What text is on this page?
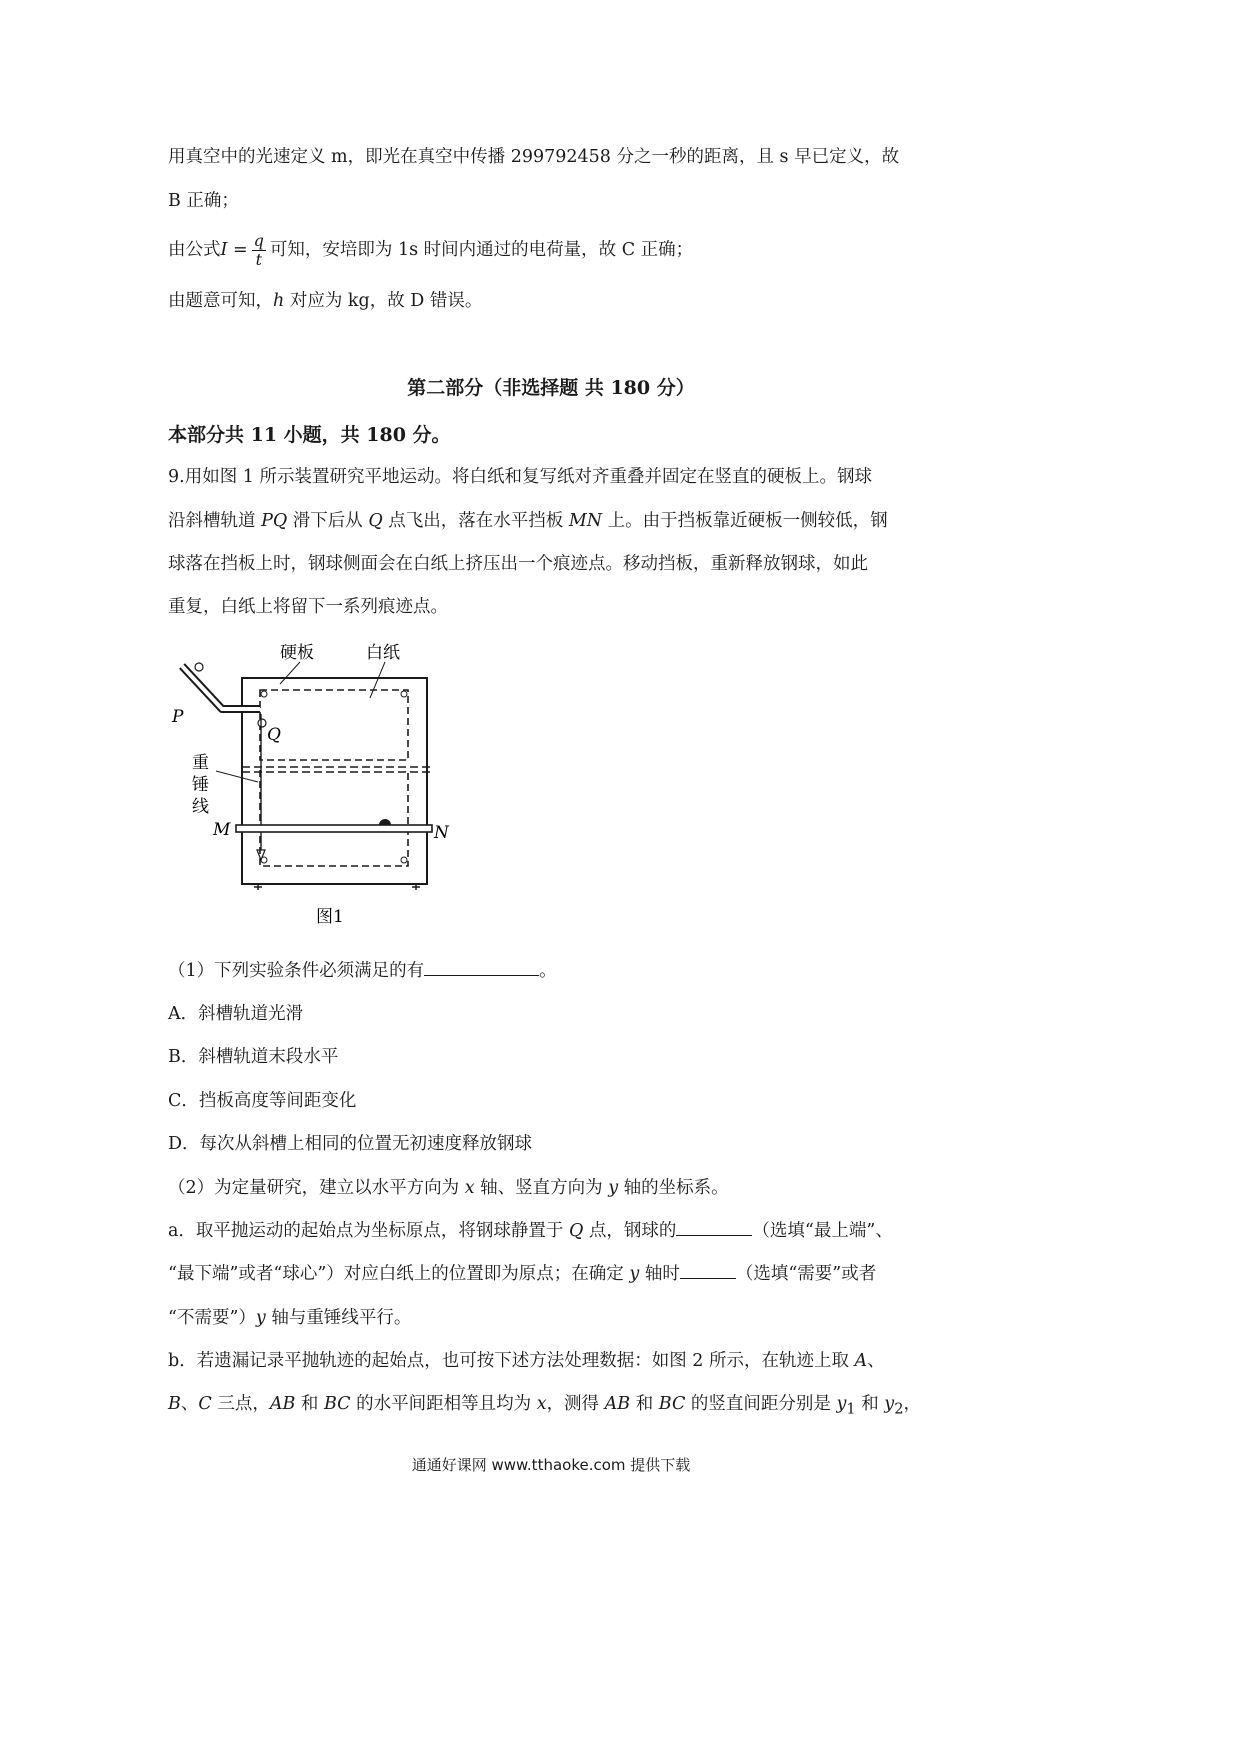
用真空中的光速定义 m，即光在真空中传播 299792458 分之一秒的距离，且 s 早已定义，故
B 正确；
由公式$I = \frac{q}{t}$ 可知，安培即为 1s 时间内通过的电荷量，故 C 正确；
由题意可知，h 对应为 kg，故 D 错误。
第二部分（非选择题 共 180 分）
本部分共 11 小题，共 180 分。
9.用如图 1 所示装置研究平地运动。将白纸和复写纸对齐重叠并固定在竖直的硬板上。钢球
沿斜槽轨道 PQ 滑下后从 Q 点飞出，落在水平挡板 MN 上。由于挡板靠近硬板一侧较低，钢
球落在挡板上时，钢球侧面会在白纸上挤压出一个痕迹点。移动挡板，重新释放钢球，如此
重复，白纸上将留下一系列痕迹点。
硬板	白纸
P
Q
重
锤
线
M	N
图1
（1）下列实验条件必须满足的有	。
A．斜槽轨道光滑
B．斜槽轨道末段水平
C．挡板高度等间距变化
D．每次从斜槽上相同的位置无初速度释放钢球
（2）为定量研究，建立以水平方向为 x 轴、竖直方向为 y 轴的坐标系。
a．取平抛运动的起始点为坐标原点，将钢球静置于 Q 点，钢球的	（选填“最上端”、
“最下端”或者“球心”）对应白纸上的位置即为原点；在确定 y 轴时	（选填“需要”或者
“不需要”）y 轴与重锤线平行。
b．若遗漏记录平抛轨迹的起始点，也可按下述方法处理数据：如图 2 所示，在轨迹上取 A、
B、C 三点，AB 和 BC 的水平间距相等且均为 x，测得 AB 和 BC 的竖直间距分别是 $y_1$ 和 $y_2$，
通通好课网 www.tthaoke.com 提供下载
